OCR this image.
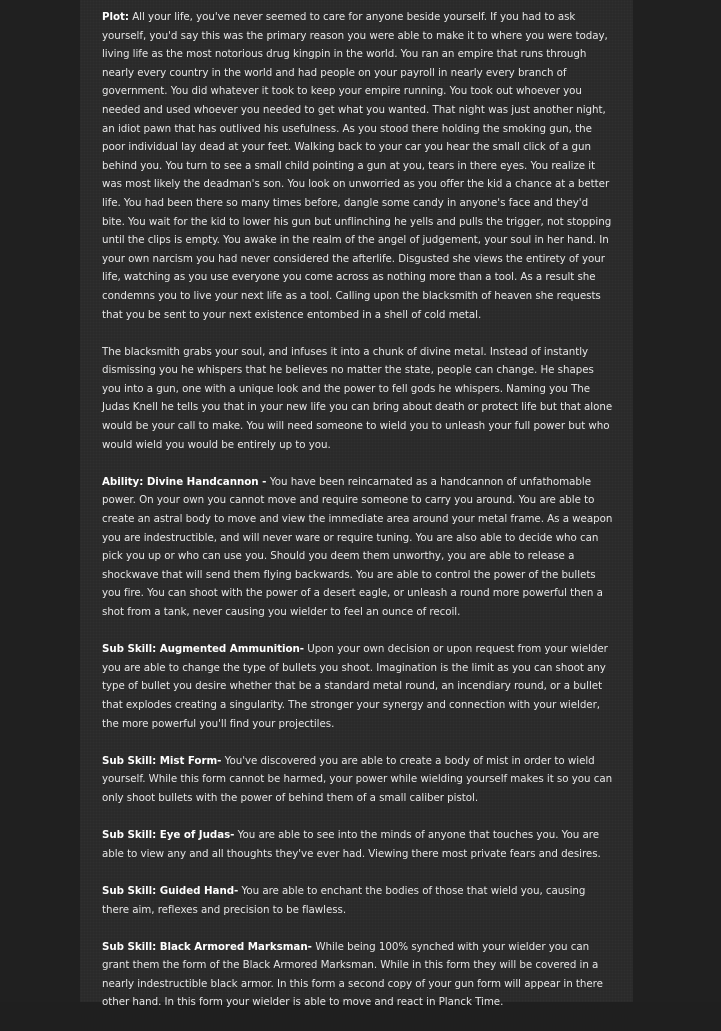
Plot: All your life, you've never seemed to care for anyone beside yourself. If you had to ask yourself, you'd say this was the primary reason you were able to make it to where you were today, living life as the most notorious drug kingpin in the world. You ran an empire that runs through nearly every country in the world and had people on your payroll in nearly every branch of government. You did whatever it took to keep your empire running. You took out whoever you needed and used whoever you needed to get what you wanted. That night was just another night, an idiot pawn that has outlived his usefulness. As you stood there holding the smoking gun, the poor individual lay dead at your feet. Walking back to your car you hear the small click of a gun behind you. You turn to see a small child pointing a gun at you, tears in there eyes. You realize it was most likely the deadman's son. You look on unworried as you offer the kid a chance at a better life. You had been there so many times before, dangle some candy in anyone's face and they'd bite. You wait for the kid to lower his gun but unflinching he yells and pulls the trigger, not stopping until the clips is empty. You awake in the realm of the angel of judgement, your soul in her hand. In your own narcism you had never considered the afterlife. Disgusted she views the entirety of your life, watching as you use everyone you come across as nothing more than a tool. As a result she condemns you to live your next life as a tool. Calling upon the blacksmith of heaven she requests that you be sent to your next existence entombed in a shell of cold metal.

The blacksmith grabs your soul, and infuses it into a chunk of divine metal. Instead of instantly dismissing you he whispers that he believes no matter the state, people can change. He shapes you into a gun, one with a unique look and the power to fell gods he whispers. Naming you The Judas Knell he tells you that in your new life you can bring about death or protect life but that alone would be your call to make. You will need someone to wield you to unleash your full power but who would wield you would be entirely up to you.

Ability: Divine Handcannon - You have been reincarnated as a handcannon of unfathomable power. On your own you cannot move and require someone to carry you around. You are able to create an astral body to move and view the immediate area around your metal frame. As a weapon you are indestructible, and will never ware or require tuning. You are also able to decide who can pick you up or who can use you. Should you deem them unworthy, you are able to release a shockwave that will send them flying backwards. You are able to control the power of the bullets you fire. You can shoot with the power of a desert eagle, or unleash a round more powerful then a shot from a tank, never causing you wielder to feel an ounce of recoil.

Sub Skill: Augmented Ammunition- Upon your own decision or upon request from your wielder you are able to change the type of bullets you shoot. Imagination is the limit as you can shoot any type of bullet you desire whether that be a standard metal round, an incendiary round, or a bullet that explodes creating a singularity. The stronger your synergy and connection with your wielder, the more powerful you'll find your projectiles.

Sub Skill: Mist Form- You've discovered you are able to create a body of mist in order to wield yourself. While this form cannot be harmed, your power while wielding yourself makes it so you can only shoot bullets with the power of behind them of a small caliber pistol.

Sub Skill: Eye of Judas- You are able to see into the minds of anyone that touches you. You are able to view any and all thoughts they've ever had. Viewing there most private fears and desires.

Sub Skill: Guided Hand- You are able to enchant the bodies of those that wield you, causing there aim, reflexes and precision to be flawless.

Sub Skill: Black Armored Marksman- While being 100% synched with your wielder you can grant them the form of the Black Armored Marksman. While in this form they will be covered in a nearly indestructible black armor. In this form a second copy of your gun form will appear in there other hand. In this form your wielder is able to move and react in Planck Time.
